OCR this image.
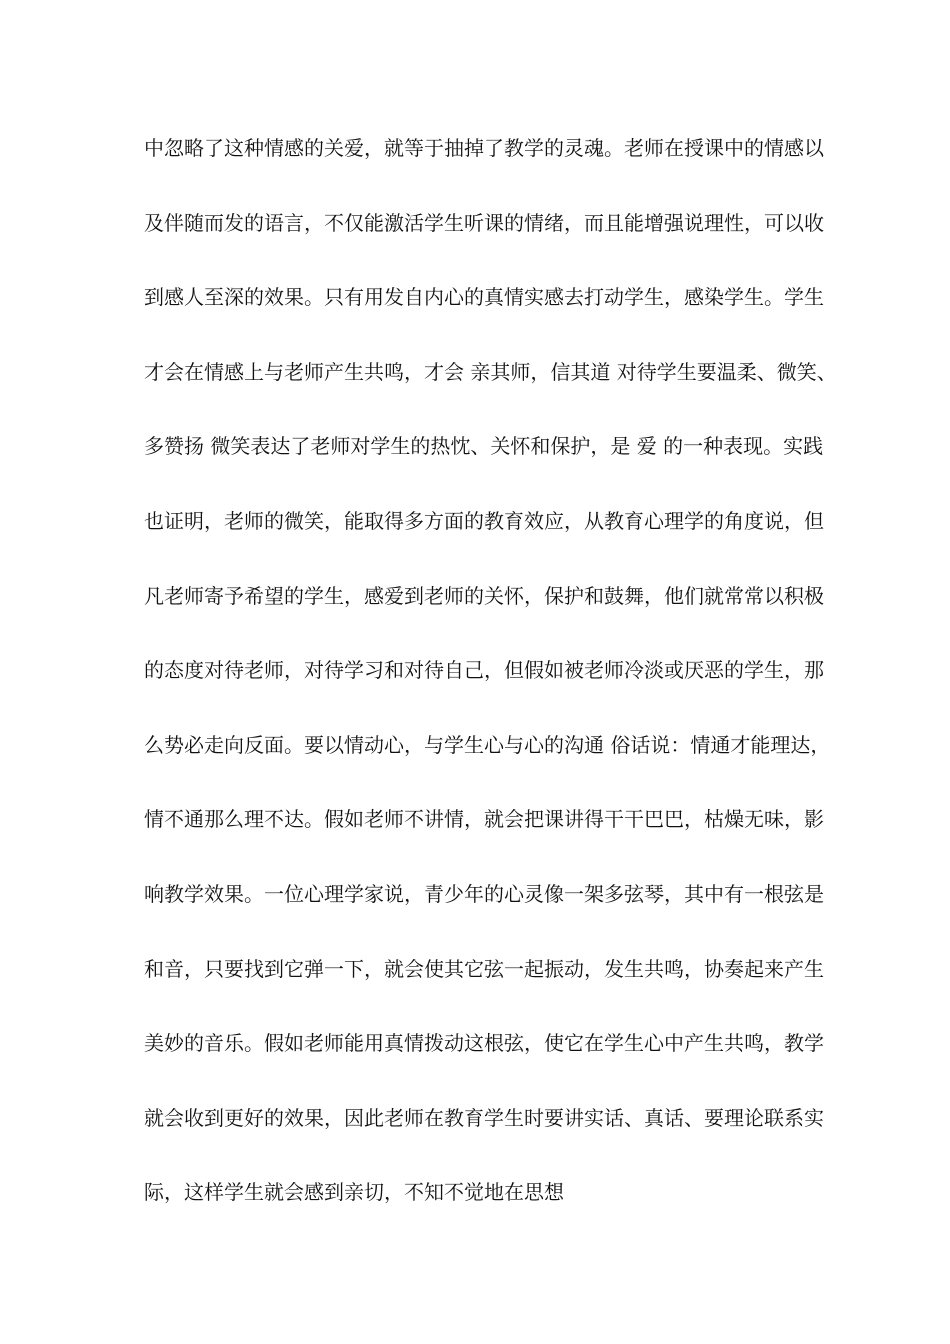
中忽略了这种情感的关爱，就等于抽掉了教学的灵魂。老师在授课中的情感以
及伴随而发的语言，不仅能激活学生听课的情绪，而且能增强说理性，可以收
到感人至深的效果。只有用发自内心的真情实感去打动学生，感染学生。学生
才会在情感上与老师产生共鸣，才会 亲其师，信其道 对待学生要温柔、微笑、
多赞扬 微笑表达了老师对学生的热忱、关怀和保护，是 爱 的一种表现。实践
也证明，老师的微笑，能取得多方面的教育效应，从教育心理学的角度说，但
凡老师寄予希望的学生，感爱到老师的关怀，保护和鼓舞，他们就常常以积极
的态度对待老师，对待学习和对待自己，但假如被老师冷淡或厌恶的学生，那
么势必走向反面。要以情动心，与学生心与心的沟通 俗话说：情通才能理达，
情不通那么理不达。假如老师不讲情，就会把课讲得干干巴巴，枯燥无味，影
响教学效果。一位心理学家说，青少年的心灵像一架多弦琴，其中有一根弦是
和音，只要找到它弹一下，就会使其它弦一起振动，发生共鸣，协奏起来产生
美妙的音乐。假如老师能用真情拨动这根弦，使它在学生心中产生共鸣，教学
就会收到更好的效果，因此老师在教育学生时要讲实话、真话、要理论联系实
际，这样学生就会感到亲切，不知不觉地在思想
